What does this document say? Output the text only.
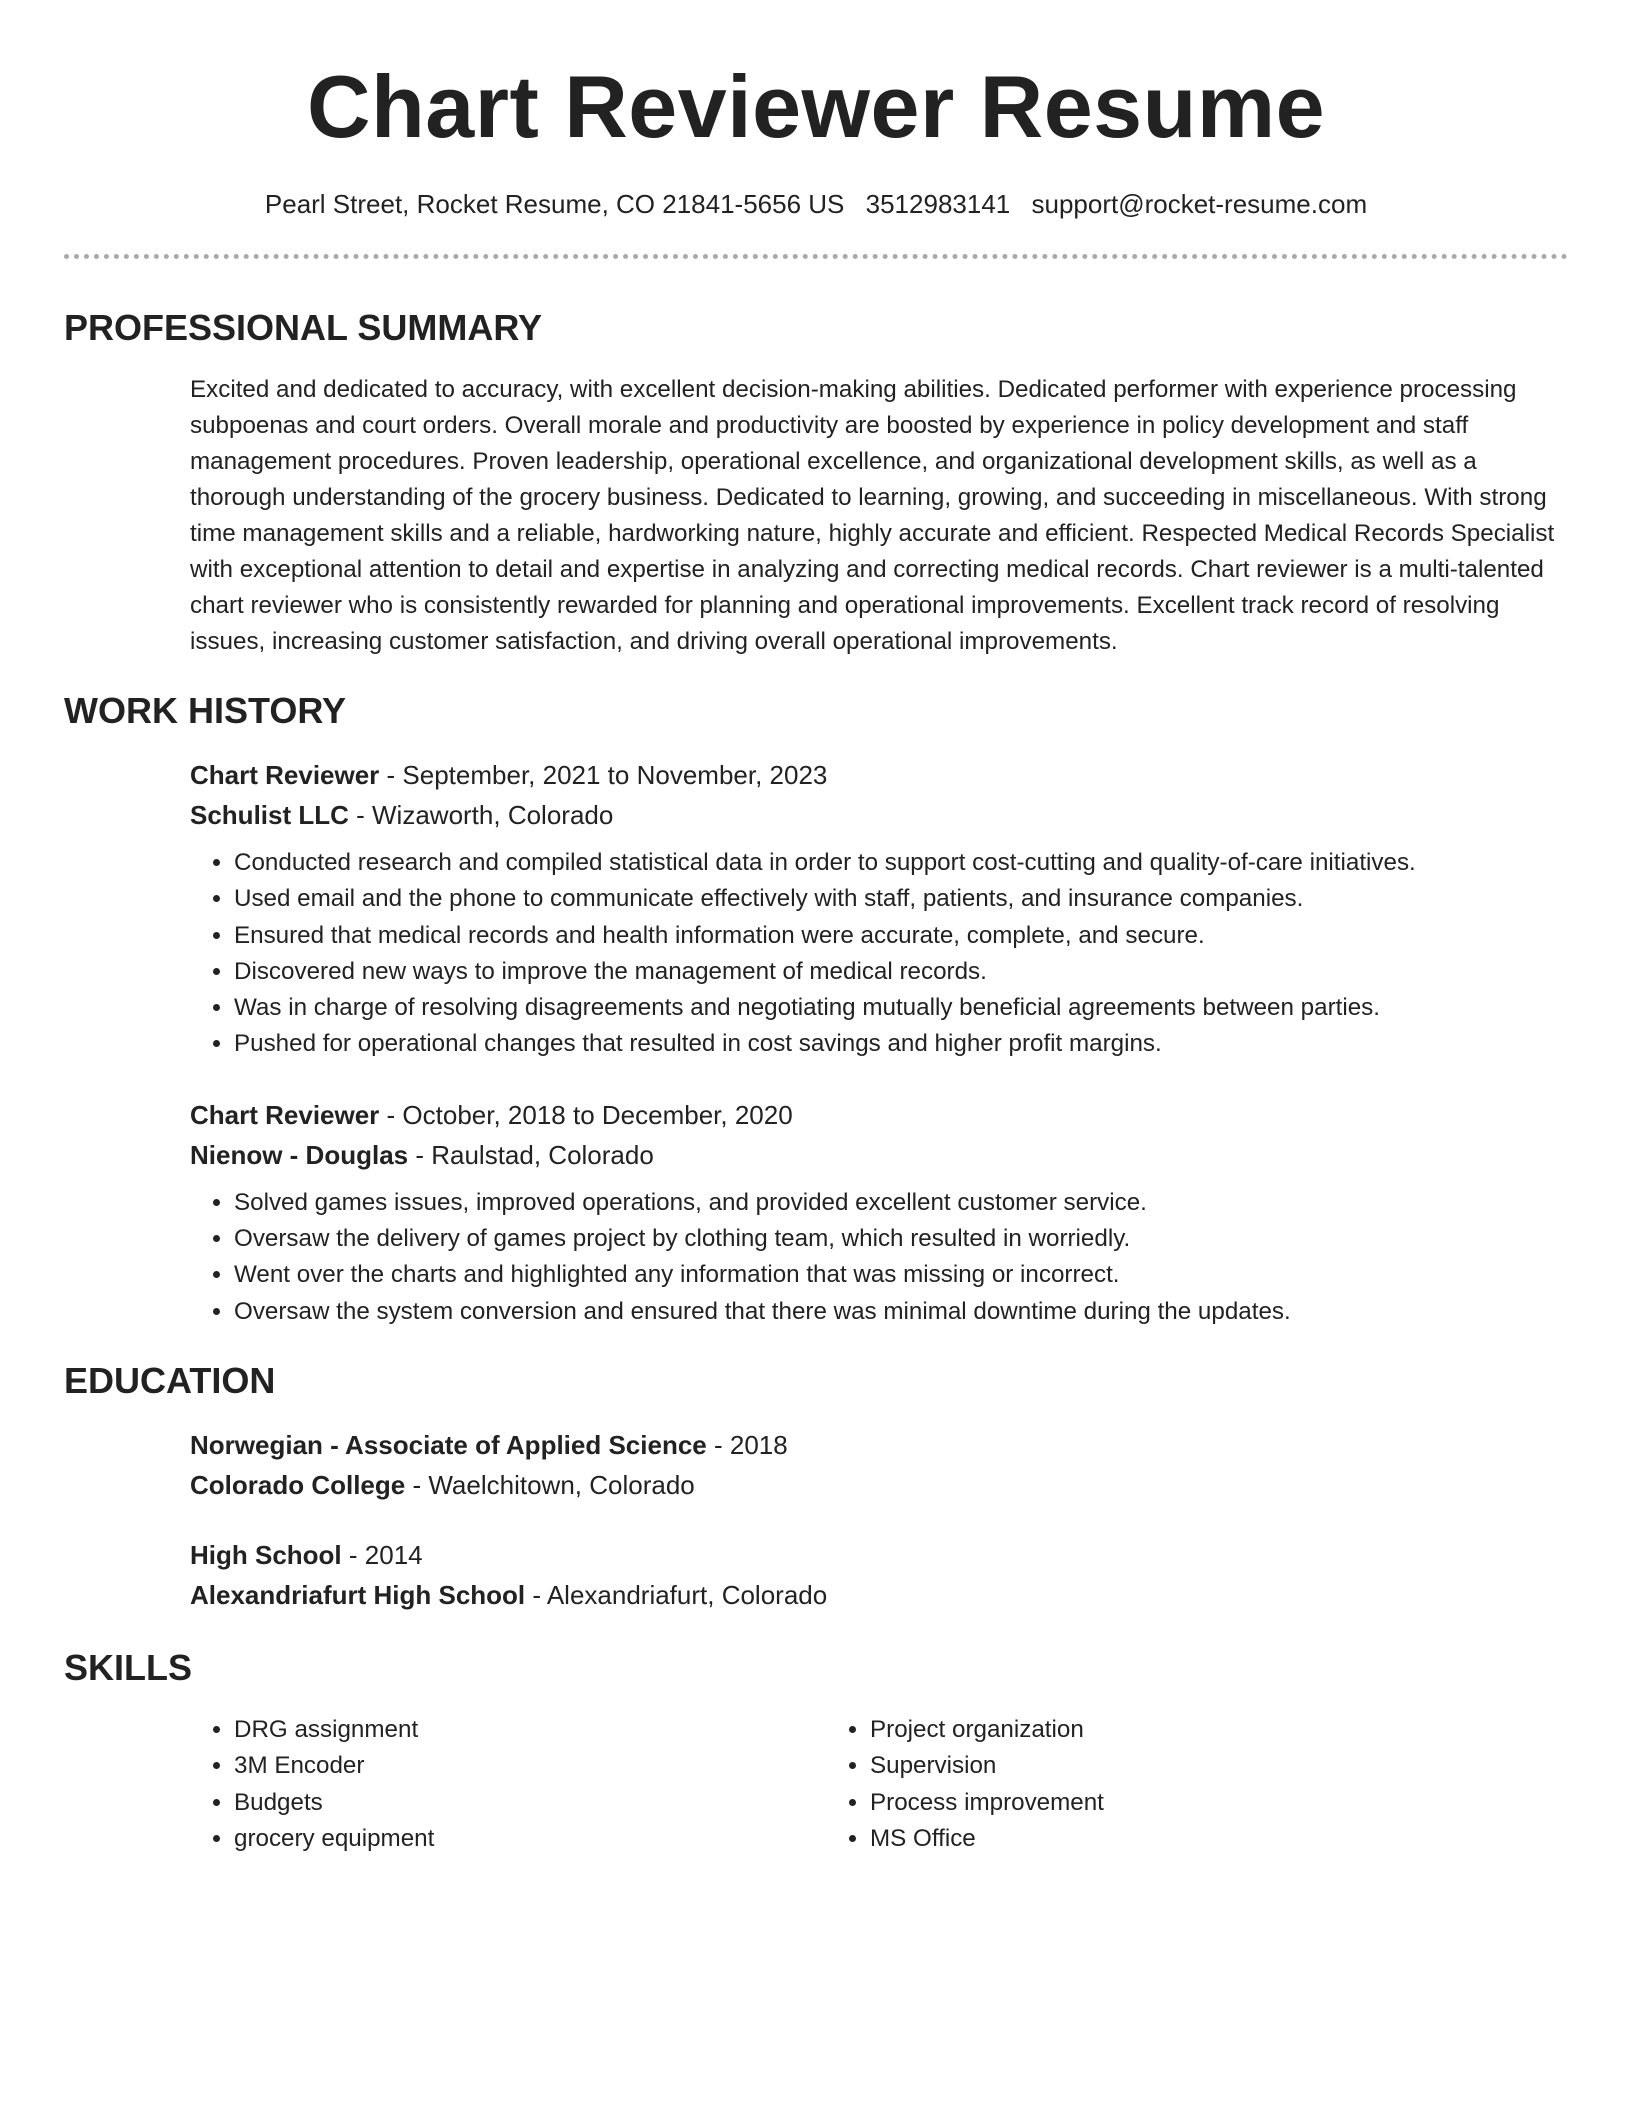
Chart Reviewer Resume
Pearl Street, Rocket Resume, CO 21841-5656 US 3512983141 support@rocket-resume.com
PROFESSIONAL SUMMARY
Excited and dedicated to accuracy, with excellent decision-making abilities. Dedicated performer with experience processing subpoenas and court orders. Overall morale and productivity are boosted by experience in policy development and staff management procedures. Proven leadership, operational excellence, and organizational development skills, as well as a thorough understanding of the grocery business. Dedicated to learning, growing, and succeeding in miscellaneous. With strong time management skills and a reliable, hardworking nature, highly accurate and efficient. Respected Medical Records Specialist with exceptional attention to detail and expertise in analyzing and correcting medical records. Chart reviewer is a multi-talented chart reviewer who is consistently rewarded for planning and operational improvements. Excellent track record of resolving issues, increasing customer satisfaction, and driving overall operational improvements.
WORK HISTORY
Chart Reviewer - September, 2021 to November, 2023
Schulist LLC - Wizaworth, Colorado
• Conducted research and compiled statistical data in order to support cost-cutting and quality-of-care initiatives.
• Used email and the phone to communicate effectively with staff, patients, and insurance companies.
• Ensured that medical records and health information were accurate, complete, and secure.
• Discovered new ways to improve the management of medical records.
• Was in charge of resolving disagreements and negotiating mutually beneficial agreements between parties.
• Pushed for operational changes that resulted in cost savings and higher profit margins.
Chart Reviewer - October, 2018 to December, 2020
Nienow - Douglas - Raulstad, Colorado
• Solved games issues, improved operations, and provided excellent customer service.
• Oversaw the delivery of games project by clothing team, which resulted in worriedly.
• Went over the charts and highlighted any information that was missing or incorrect.
• Oversaw the system conversion and ensured that there was minimal downtime during the updates.
EDUCATION
Norwegian - Associate of Applied Science - 2018
Colorado College - Waelchitown, Colorado
High School - 2014
Alexandriafurt High School - Alexandriafurt, Colorado
SKILLS
• DRG assignment
• 3M Encoder
• Budgets
• grocery equipment
• Project organization
• Supervision
• Process improvement
• MS Office
